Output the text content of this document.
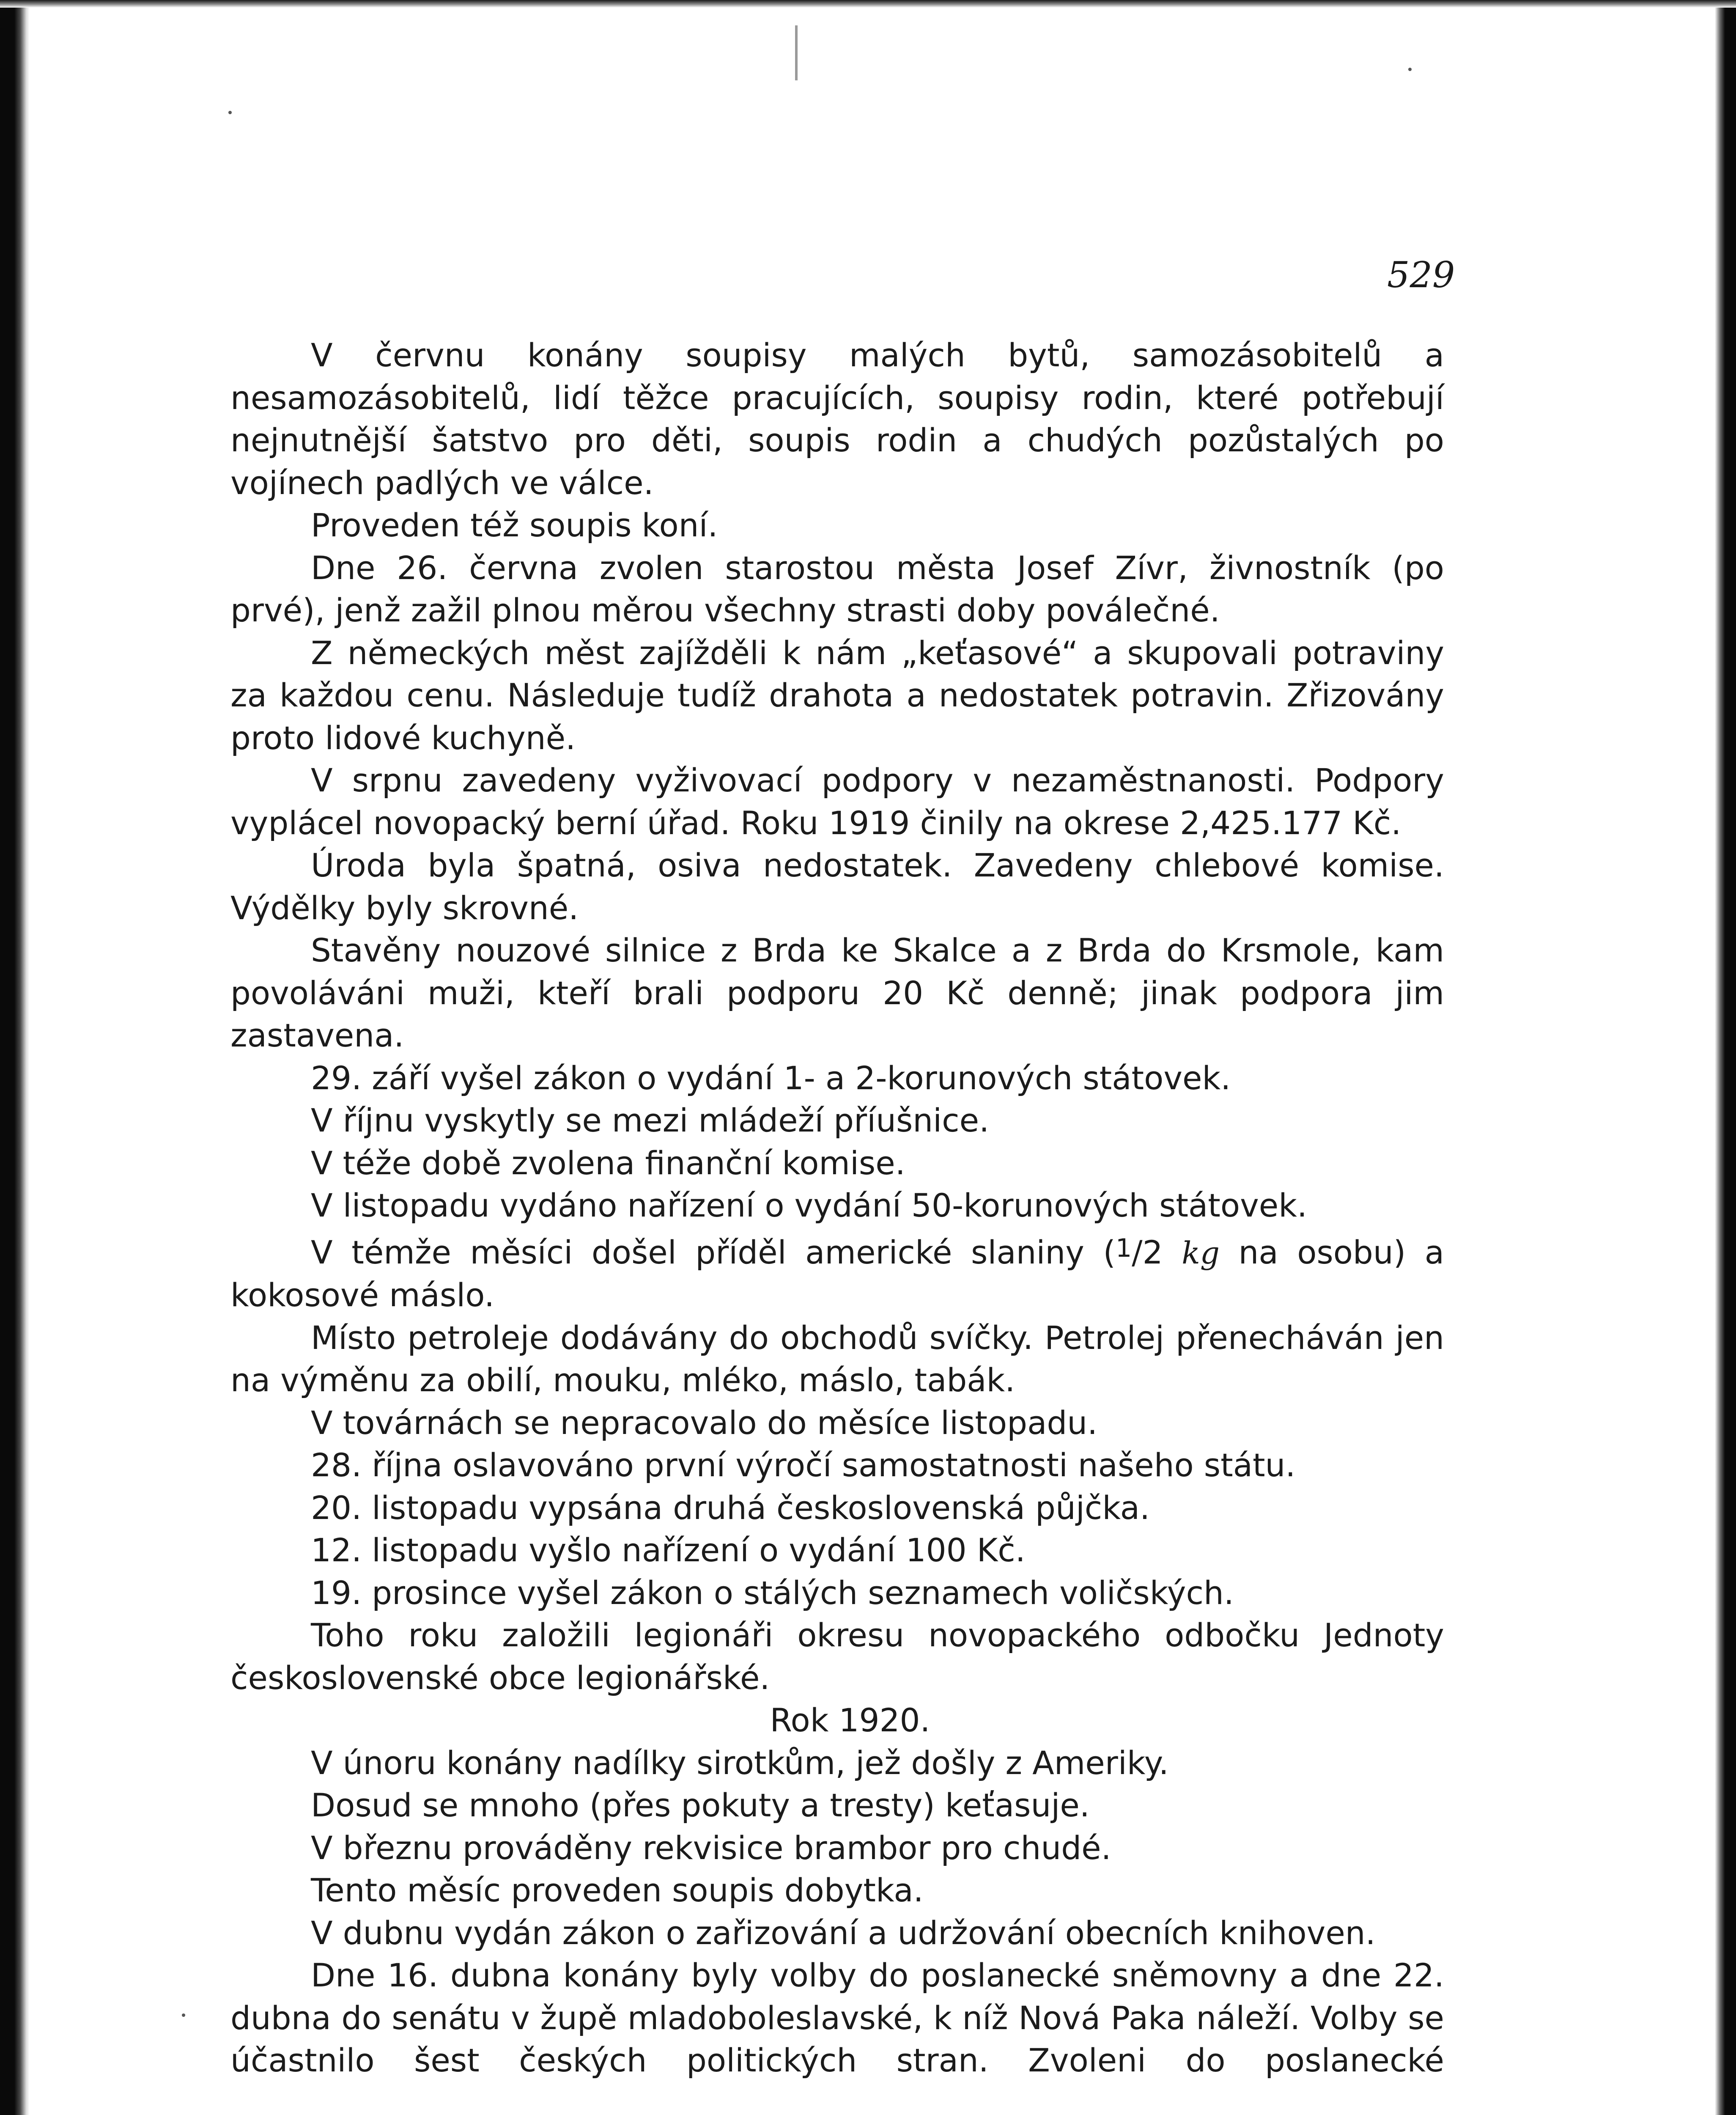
529

V červnu konány soupisy malých bytů, samozásobitelů a nesamozásobitelů, lidí těžce pracujících, soupisy rodin, které potřebují nejnutnější šatstvo pro děti, soupis rodin a chudých pozůstalých po vojínech padlých ve válce.

Proveden též soupis koní.

Dne 26. června zvolen starostou města Josef Zívr, živnostník (po prvé), jenž zažil plnou měrou všechny strasti doby poválečné.

Z německých měst zajížděli k nám „keťasové“ a skupovali potraviny za každou cenu. Následuje tudíž drahota a nedostatek potravin. Zřizovány proto lidové kuchyně.

V srpnu zavedeny vyživovací podpory v nezaměstnanosti. Podpory vyplácel novopacký berní úřad. Roku 1919 činily na okrese 2,425.177 Kč.

Úroda byla špatná, osiva nedostatek. Zavedeny chlebové komise. Výdělky byly skrovné.

Stavěny nouzové silnice z Brda ke Skalce a z Brda do Krsmole, kam povoláváni muži, kteří brali podporu 20 Kč denně; jinak podpora jim zastavena.

29. září vyšel zákon o vydání 1- a 2-korunových státovek.

V říjnu vyskytly se mezi mládeží příušnice.

V téže době zvolena finanční komise.

V listopadu vydáno nařízení o vydání 50-korunových státovek.

V témže měsíci došel příděl americké slaniny ($^1$/2 kg na osobu) a kokosové máslo.

Místo petroleje dodávány do obchodů svíčky. Petrolej přenecháván jen na výměnu za obilí, mouku, mléko, máslo, tabák.

V továrnách se nepracovalo do měsíce listopadu.

28. října oslavováno první výročí samostatnosti našeho státu.

20. listopadu vypsána druhá československá půjčka.

12. listopadu vyšlo nařízení o vydání 100 Kč.

19. prosince vyšel zákon o stálých seznamech voličských.

Toho roku založili legionáři okresu novopackého odbočku Jednoty československé obce legionářské.

Rok 1920.

V únoru konány nadílky sirotkům, jež došly z Ameriky.

Dosud se mnoho (přes pokuty a tresty) keťasuje.

V březnu prováděny rekvisice brambor pro chudé.

Tento měsíc proveden soupis dobytka.

V dubnu vydán zákon o zařizování a udržování obecních knihoven.

Dne 16. dubna konány byly volby do poslanecké sněmovny a dne 22. dubna do senátu v župě mladoboleslavské, k níž Nová Paka náleží. Volby se účastnilo šest českých politických stran. Zvoleni do poslanecké
